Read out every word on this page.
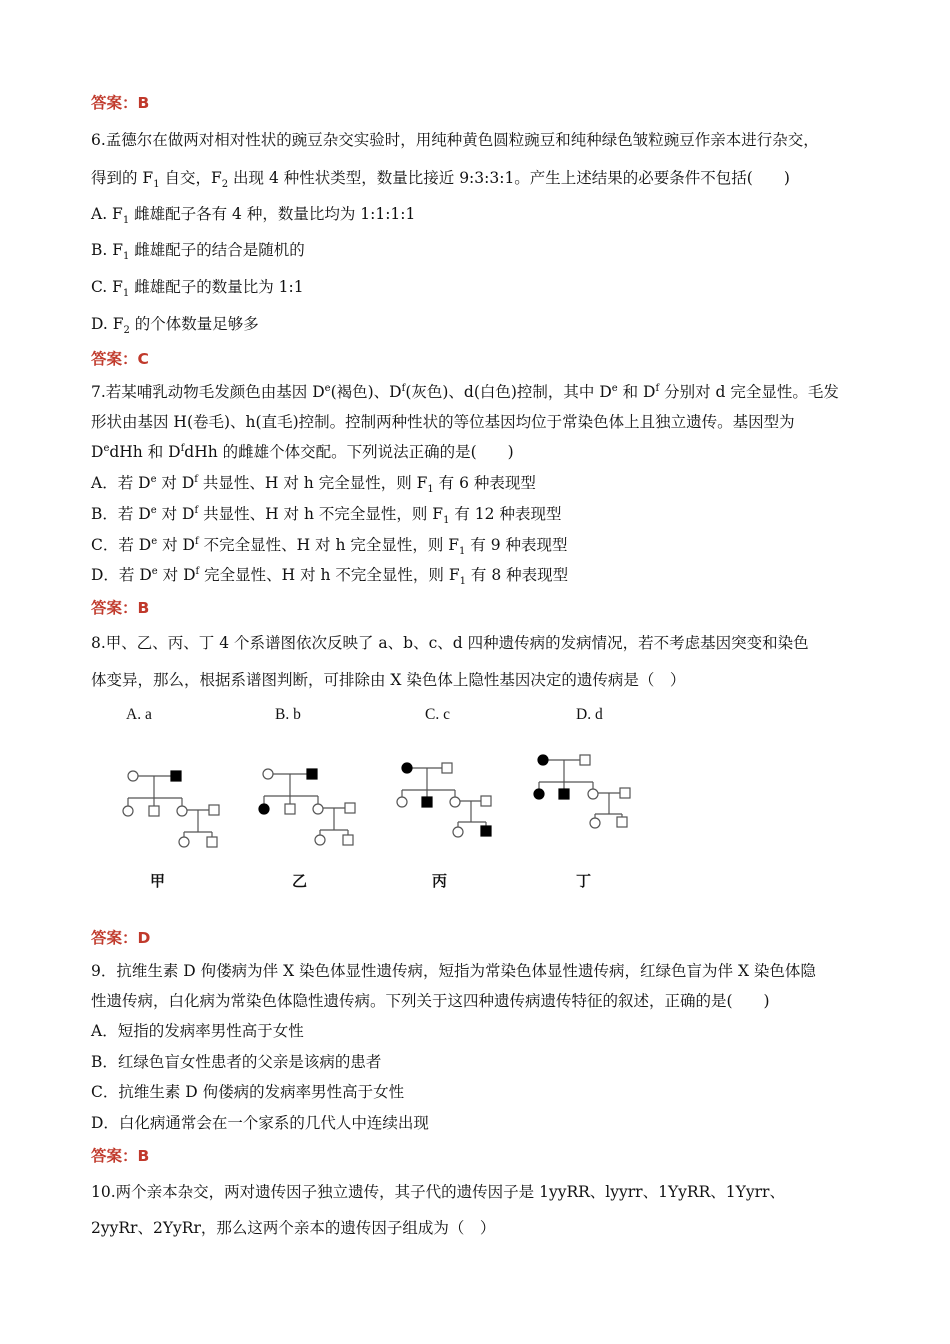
答案：B
6.孟德尔在做两对相对性状的豌豆杂交实验时，用纯种黄色圆粒豌豆和纯种绿色皱粒豌豆作亲本进行杂交，
得到的 $F_1$ 自交，$F_2$ 出现 4 种性状类型，数量比接近 9:3:3:1。产生上述结果的必要条件不包括(　　)
A. $F_1$ 雌雄配子各有 4 种，数量比均为 1:1:1:1
B. $F_1$ 雌雄配子的结合是随机的
C. $F_1$ 雌雄配子的数量比为 1:1
D. $F_2$ 的个体数量足够多
答案：C
7.若某哺乳动物毛发颜色由基因 De(褐色)、$D^f$(灰色)、d(白色)控制，其中 De 和 $D^f$ 分别对 d 完全显性。毛发
形状由基因 H(卷毛)、h(直毛)控制。控制两种性状的等位基因均位于常染色体上且独立遗传。基因型为
DedHh 和 $D^fdHh$ 的雌雄个体交配。下列说法正确的是(　　)
A．若 De 对 $D^f$ 共显性、H 对 h 完全显性，则 $F_1$ 有 6 种表现型
B．若 De 对 $D^f$ 共显性、H 对 h 不完全显性，则 $F_1$ 有 12 种表现型
C．若 De 对 $D^f$ 不完全显性、H 对 h 完全显性，则 $F_1$ 有 9 种表现型
D．若 De 对 $D^f$ 完全显性、H 对 h 不完全显性，则 $F_1$ 有 8 种表现型
答案：B
8.甲、乙、丙、丁 4 个系谱图依次反映了 a、b、c、d 四种遗传病的发病情况，若不考虑基因突变和染色
体变异，那么，根据系谱图判断，可排除由 X 染色体上隐性基因决定的遗传病是（　）
A. a	B. b	C. c	D. d
甲	乙	丙	丁
答案：D
9．抗维生素 D 佝偻病为伴 X 染色体显性遗传病，短指为常染色体显性遗传病，红绿色盲为伴 X 染色体隐
性遗传病，白化病为常染色体隐性遗传病。下列关于这四种遗传病遗传特征的叙述，正确的是(　　)
A．短指的发病率男性高于女性
B．红绿色盲女性患者的父亲是该病的患者
C．抗维生素 D 佝偻病的发病率男性高于女性
D．白化病通常会在一个家系的几代人中连续出现
答案：B
10.两个亲本杂交，两对遗传因子独立遗传，其子代的遗传因子是 1yyRR、lyyrr、1YyRR、1Yyrr、
2yyRr、2YyRr，那么这两个亲本的遗传因子组成为（　）
